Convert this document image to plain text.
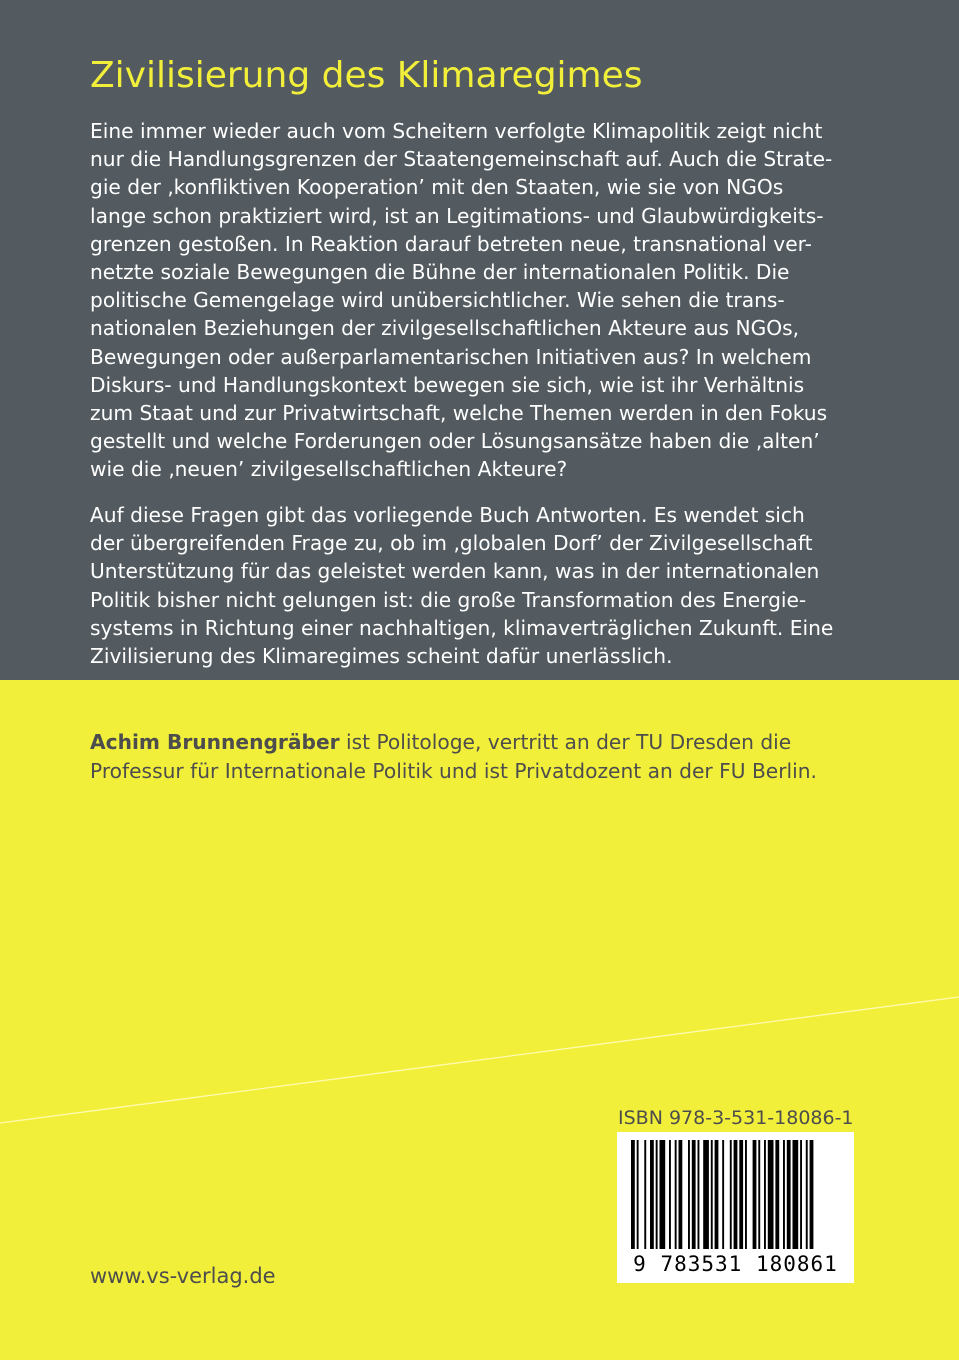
Zivilisierung des Klimaregimes

Eine immer wieder auch vom Scheitern verfolgte Klimapolitik zeigt nicht
nur die Handlungsgrenzen der Staatengemeinschaft auf. Auch die Strate-
gie der ‚konfliktiven Kooperation’ mit den Staaten, wie sie von NGOs
lange schon praktiziert wird, ist an Legitimations- und Glaubwürdigkeits-
grenzen gestoßen. In Reaktion darauf betreten neue, transnational ver-
netzte soziale Bewegungen die Bühne der internationalen Politik. Die
politische Gemengelage wird unübersichtlicher. Wie sehen die trans-
nationalen Beziehungen der zivilgesellschaftlichen Akteure aus NGOs,
Bewegungen oder außerparlamentarischen Initiativen aus? In welchem
Diskurs- und Handlungskontext bewegen sie sich, wie ist ihr Verhältnis
zum Staat und zur Privatwirtschaft, welche Themen werden in den Fokus
gestellt und welche Forderungen oder Lösungsansätze haben die ‚alten’
wie die ‚neuen’ zivilgesellschaftlichen Akteure?

Auf diese Fragen gibt das vorliegende Buch Antworten. Es wendet sich
der übergreifenden Frage zu, ob im ‚globalen Dorf’ der Zivilgesellschaft
Unterstützung für das geleistet werden kann, was in der internationalen
Politik bisher nicht gelungen ist: die große Transformation des Energie-
systems in Richtung einer nachhaltigen, klimaverträglichen Zukunft. Eine
Zivilisierung des Klimaregimes scheint dafür unerlässlich.

Achim Brunnengräber ist Politologe, vertritt an der TU Dresden die
Professur für Internationale Politik und ist Privatdozent an der FU Berlin.

ISBN 978-3-531-18086-1
9 783531 180861
www.vs-verlag.de
